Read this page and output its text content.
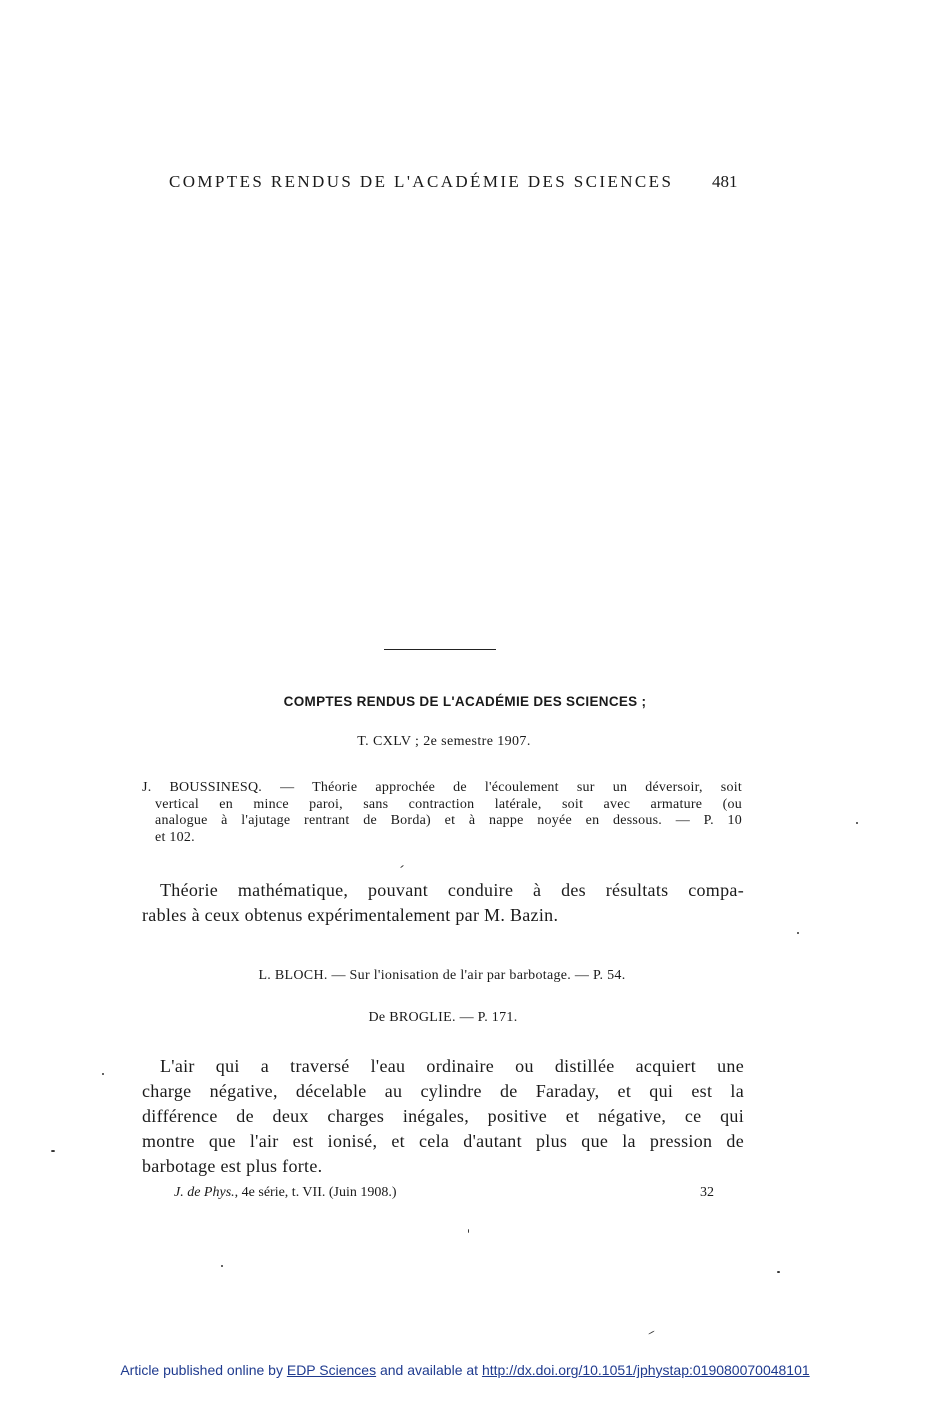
COMPTES RENDUS DE L'ACADÉMIE DES SCIENCES 481
COMPTES RENDUS DE L'ACADÉMIE DES SCIENCES ;
T. CXLV ; 2e semestre 1907.
J. BOUSSINESQ. — Théorie approchée de l'écoulement sur un déversoir, soit
vertical en mince paroi, sans contraction latérale, soit avec armature (ou
analogue à l'ajutage rentrant de Borda) et à nappe noyée en dessous. — P. 10
et 102.
Théorie mathématique, pouvant conduire à des résultats compa-
rables à ceux obtenus expérimentalement par M. Bazin.
L. BLOCH. — Sur l'ionisation de l'air par barbotage. — P. 54.
De BROGLIE. — P. 171.
L'air qui a traversé l'eau ordinaire ou distillée acquiert une
charge négative, décelable au cylindre de Faraday, et qui est la
différence de deux charges inégales, positive et négative, ce qui
montre que l'air est ionisé, et cela d'autant plus que la pression de
barbotage est plus forte.
J. de Phys., 4e série, t. VII. (Juin 1908.)	32
Article published online by EDP Sciences and available at http://dx.doi.org/10.1051/jphystap:019080070048101
